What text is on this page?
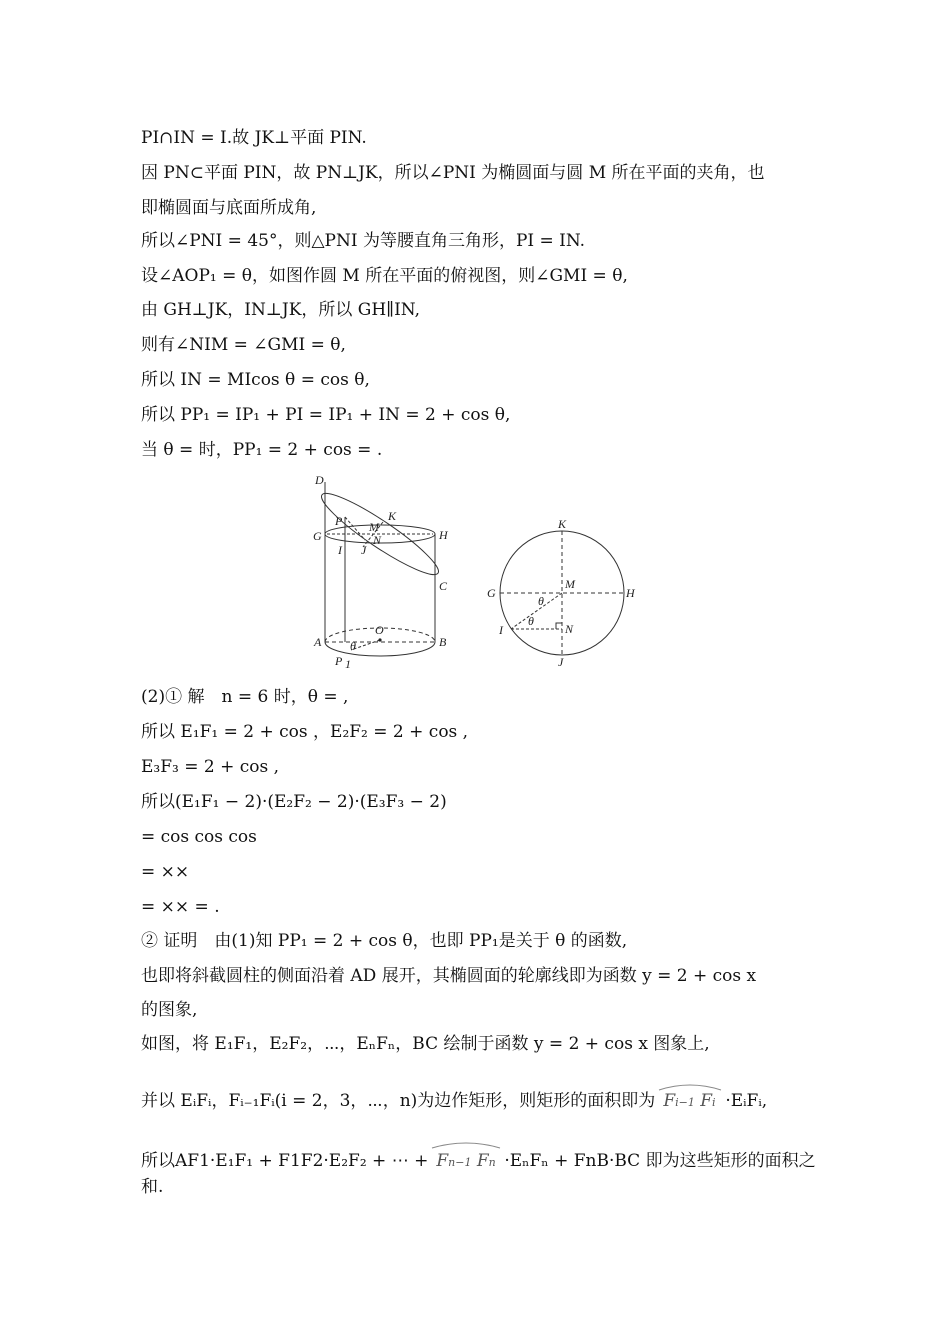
PI∩IN = I.故 JK⊥平面 PIN.
因 PN⊂平面 PIN，故 PN⊥JK，所以∠PNI 为椭圆面与圆 M 所在平面的夹角，也
即椭圆面与底面所成角,
所以∠PNI = 45°，则△PNI 为等腰直角三角形，PI = IN.
设∠AOP₁ = θ，如图作圆 M 所在平面的俯视图，则∠GMI = θ,
由 GH⊥JK，IN⊥JK，所以 GH∥IN,
则有∠NIM = ∠GMI = θ,
所以 IN = MIcos θ = cos θ,
所以 PP₁ = IP₁ + PI = IP₁ + IN = 2 + cos θ,
当 θ = 时，PP₁ = 2 + cos = .
D
P	K
M
N
G
I J
H
C
A
O
B
θ
P 1
K
G	H
M
I	N
J
θ
θ
(2)① 解　n = 6 时，θ = ,
所以 E₁F₁ = 2 + cos ，E₂F₂ = 2 + cos ,
E₃F₃ = 2 + cos ,
所以(E₁F₁ − 2)·(E₂F₂ − 2)·(E₃F₃ − 2)
= cos cos cos
= ××
= ×× = .
② 证明　由(1)知 PP₁ = 2 + cos θ，也即 PP₁是关于 θ 的函数,
也即将斜截圆柱的侧面沿着 AD 展开，其椭圆面的轮廓线即为函数 y = 2 + cos x
的图象,
如图，将 E₁F₁，E₂F₂，⋯，EₙFₙ，BC 绘制于函数 y = 2 + cos x 图象上,
并以 EᵢFᵢ，Fᵢ₋₁Fᵢ(i = 2，3，⋯，n)为边作矩形，则矩形的面积即为 Fi−1 Fi ·EᵢFᵢ,
所以AF1·E₁F₁ + F1F2·E₂F₂ + ⋯ + Fn−1 Fn ·EₙFₙ + FnB·BC 即为这些矩形的面积之
和.
